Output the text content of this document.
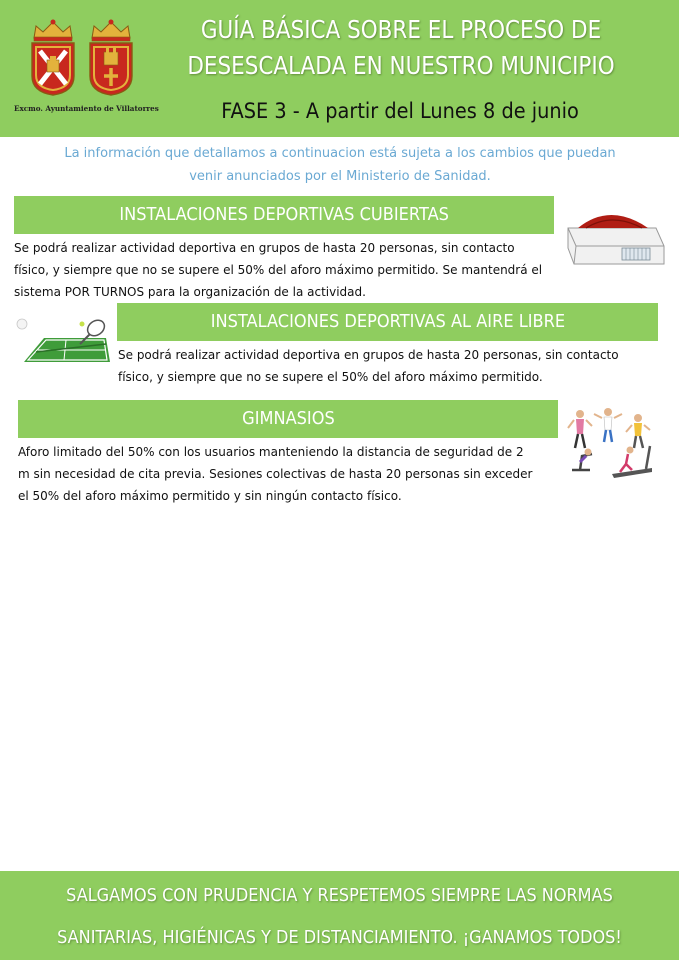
Excmo. Ayuntamiento de Villatorres
GUÍA BÁSICA SOBRE EL PROCESO DE
DESESCALADA EN NUESTRO MUNICIPIO
FASE 3 - A partir del Lunes 8 de junio
La información que detallamos a continuacion está sujeta a los cambios que puedan
venir anunciados por el Ministerio de Sanidad.
INSTALACIONES DEPORTIVAS CUBIERTAS
Se podrá realizar actividad deportiva en grupos de hasta 20 personas, sin contacto
físico, y siempre que no se supere el 50% del aforo máximo permitido. Se mantendrá el
sistema POR TURNOS para la organización de la actividad.
INSTALACIONES DEPORTIVAS AL AIRE LIBRE
Se podrá realizar actividad deportiva en grupos de hasta 20 personas, sin contacto
físico, y siempre que no se supere el 50% del aforo máximo permitido.
GIMNASIOS
Aforo limitado del 50% con los usuarios manteniendo la distancia de seguridad de 2
m sin necesidad de cita previa. Sesiones colectivas de hasta 20 personas sin exceder
el 50% del aforo máximo permitido y sin ningún contacto físico.
SALGAMOS CON PRUDENCIA Y RESPETEMOS SIEMPRE LAS NORMAS
SANITARIAS, HIGIÉNICAS Y DE DISTANCIAMIENTO. ¡GANAMOS TODOS!
